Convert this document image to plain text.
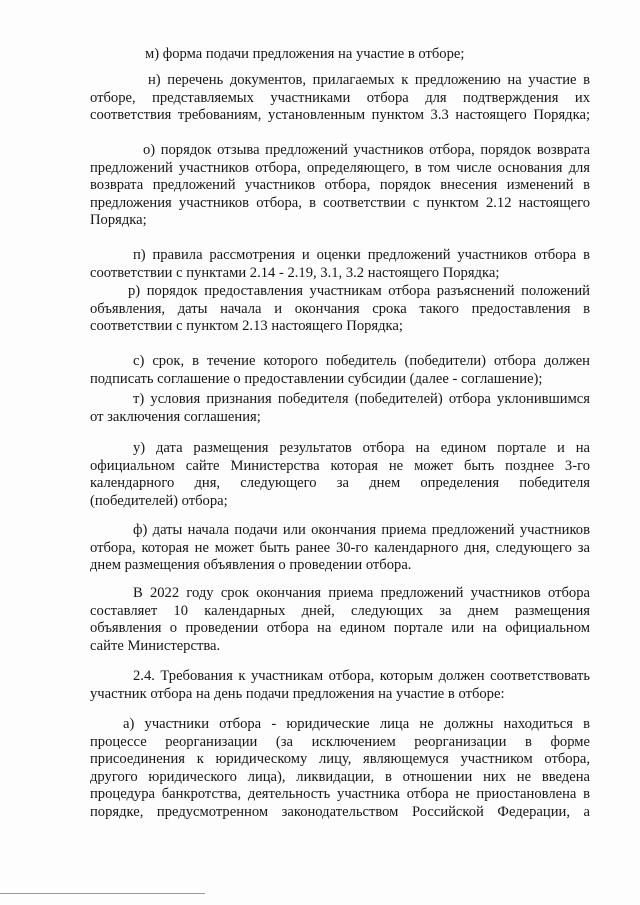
м) форма подачи предложения на участие в отборе;

н) перечень документов, прилагаемых к предложению на участие в
отборе, представляемых участниками отбора для подтверждения их
соответствия требованиям, установленным пунктом 3.3 настоящего Порядка;

о) порядок отзыва предложений участников отбора, порядок возврата
предложений участников отбора, определяющего, в том числе основания для
возврата предложений участников отбора, порядок внесения изменений в
предложения участников отбора, в соответствии с пунктом 2.12 настоящего
Порядка;

п) правила рассмотрения и оценки предложений участников отбора в
соответствии с пунктами 2.14 - 2.19, 3.1, 3.2 настоящего Порядка;

р) порядок предоставления участникам отбора разъяснений положений
объявления, даты начала и окончания срока такого предоставления в
соответствии с пунктом 2.13 настоящего Порядка;

с) срок, в течение которого победитель (победители) отбора должен
подписать соглашение о предоставлении субсидии (далее - соглашение);

т) условия признания победителя (победителей) отбора уклонившимся
от заключения соглашения;

у) дата размещения результатов отбора на едином портале и на
официальном сайте Министерства которая не может быть позднее 3-го
календарного дня, следующего за днем определения победителя
(победителей) отбора;

ф) даты начала подачи или окончания приема предложений участников
отбора, которая не может быть ранее 30-го календарного дня, следующего за
днем размещения объявления о проведении отбора.

В 2022 году срок окончания приема предложений участников отбора
составляет 10 календарных дней, следующих за днем размещения
объявления о проведении отбора на едином портале или на официальном
сайте Министерства.

2.4. Требования к участникам отбора, которым должен соответствовать
участник отбора на день подачи предложения на участие в отборе:

а) участники отбора - юридические лица не должны находиться в
процессе реорганизации (за исключением реорганизации в форме
присоединения к юридическому лицу, являющемуся участником отбора,
другого юридического лица), ликвидации, в отношении них не введена
процедура банкротства, деятельность участника отбора не приостановлена в
порядке, предусмотренном законодательством Российской Федерации, а
